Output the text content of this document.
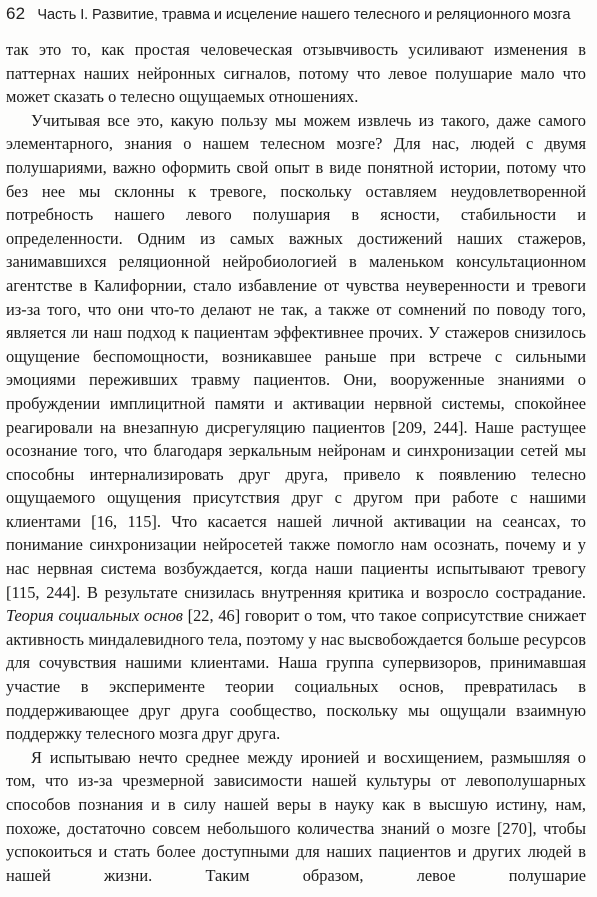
62 Часть I. Развитие, травма и исцеление нашего телесного и реляционного мозга

так это то, как простая человеческая отзывчивость усиливают изменения в паттернах наших нейронных сигналов, потому что левое полушарие мало что может сказать о телесно ощущаемых отношениях.

Учитывая все это, какую пользу мы можем извлечь из такого, даже самого элементарного, знания о нашем телесном мозге? Для нас, людей с двумя полушариями, важно оформить свой опыт в виде понятной истории, потому что без нее мы склонны к тревоге, поскольку оставляем неудовлетворенной потребность нашего левого полушария в ясности, стабильности и определенности. Одним из самых важных достижений наших стажеров, занимавшихся реляционной нейробиологией в маленьком консультационном агентстве в Калифорнии, стало избавление от чувства неуверенности и тревоги из-за того, что они что-то делают не так, а также от сомнений по поводу того, является ли наш подход к пациентам эффективнее прочих. У стажеров снизилось ощущение беспомощности, возникавшее раньше при встрече с сильными эмоциями переживших травму пациентов. Они, вооруженные знаниями о пробуждении имплицитной памяти и активации нервной системы, спокойнее реагировали на внезапную дисрегуляцию пациентов [209, 244]. Наше растущее осознание того, что благодаря зеркальным нейронам и синхронизации сетей мы способны интернализировать друг друга, привело к появлению телесно ощущаемого ощущения присутствия друг с другом при работе с нашими клиентами [16, 115]. Что касается нашей личной активации на сеансах, то понимание синхронизации нейросетей также помогло нам осознать, почему и у нас нервная система возбуждается, когда наши пациенты испытывают тревогу [115, 244]. В результате снизилась внутренняя критика и возросло сострадание. Теория социальных основ [22, 46] говорит о том, что такое соприсутствие снижает активность миндалевидного тела, поэтому у нас высвобождается больше ресурсов для сочувствия нашими клиентами. Наша группа супервизоров, принимавшая участие в эксперименте теории социальных основ, превратилась в поддерживающее друг друга сообщество, поскольку мы ощущали взаимную поддержку телесного мозга друг друга.

Я испытываю нечто среднее между иронией и восхищением, размышляя о том, что из-за чрезмерной зависимости нашей культуры от левополушарных способов познания и в силу нашей веры в науку как в высшую истину, нам, похоже, достаточно совсем небольшого количества знаний о мозге [270], чтобы успокоиться и стать более доступными для наших пациентов и других людей в нашей жизни. Таким образом, левое полушарие
